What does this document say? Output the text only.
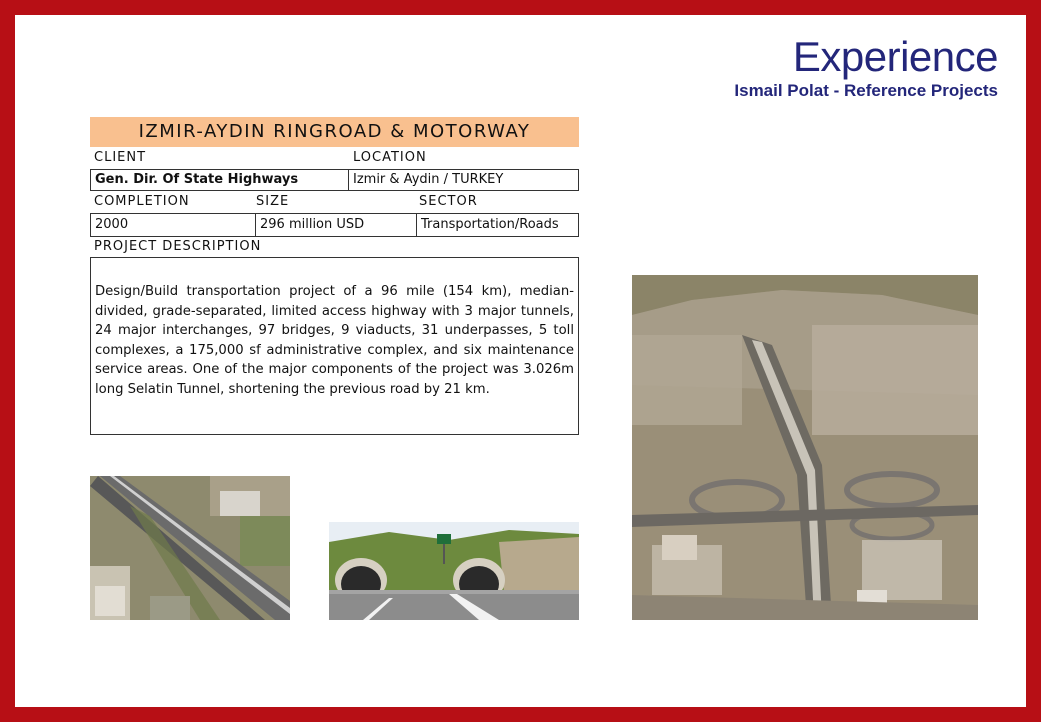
Experience
Ismail Polat - Reference Projects
IZMIR-AYDIN RINGROAD & MOTORWAY
CLIENT	LOCATION
Gen. Dir. Of State Highways	Izmir & Aydin / TURKEY
COMPLETION	SIZE	SECTOR
2000	296 million USD	Transportation/Roads
PROJECT DESCRIPTION
Design/Build transportation project of a 96 mile (154 km), median-divided, grade-separated, limited access highway with 3 major tunnels, 24 major interchanges, 97 bridges, 9 viaducts, 31 underpasses, 5 toll complexes, a 175,000 sf administrative complex, and six maintenance service areas. One of the major components of the project was 3.026m long Selatin Tunnel, shortening the previous road by 21 km.
